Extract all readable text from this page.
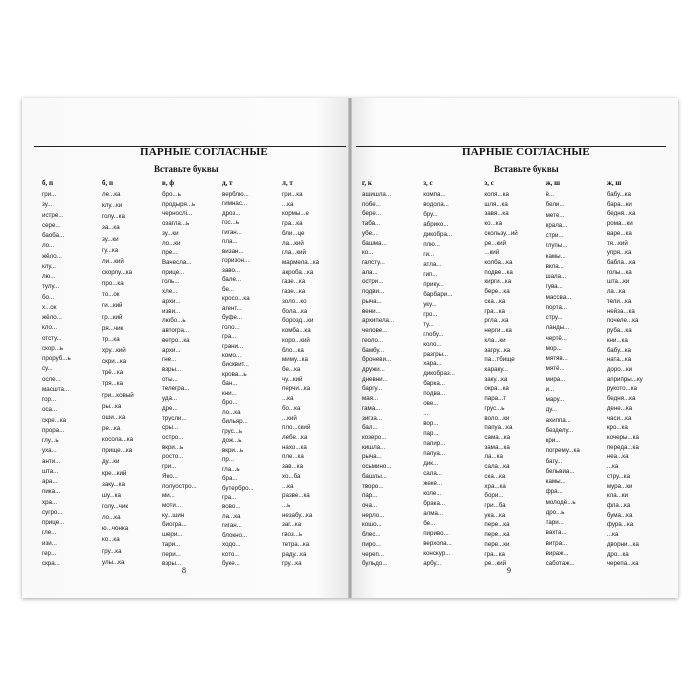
ПАРНЫЕ СОГЛАСНЫЕ
Вставьте буквы
б, п
гри...
зу...
истре...
сере...
баоба...
ло...
жёло...
клу...
лю...
тулу...
бо...
х...ок
жёло...
кло...
отсту...
скор...ь
проруб...ь
су...
осле...
масшта...
гор...
оса...
скре...ка
прора...
глу...ь
уха...
анти...
шта...
ара...
пика...
хра...
сугро...
прице...
гле...
изи...
гер...
скра...
б, п
ле...ка
клу...ки
голу...ка
за...ка
зу...ки
гу...ка
ли...кий
скорлу...ка
про...ка
то...ок
ги...кий
гр...кий
ря...чик
тр...ка
хру...кий
скри...ка
трё...ка
тря...ка
гри...ковый
ры...ка
оши...ка
ре...ка
косола...ка
прище...ка
ду...ки
кре...кий
заку...ка
шу...ка
голу...чик
ло...ка
ю...чонка
ко...ка
гру...ка
улы...ка
в, ф
бро...ь
продыря...ь
чернослі...
озагла...ь
зу...ки
ло...ки
пре...
Вачесла...
прице...
голь...
хле...
архи...
изви...
любо...ь
автогра...
ветро...ка
архи...
гне...
взры...
оты...
телегра...
уда...
дре...
трусли...
сры...
остро...
вкри...ь
росто...
гри...
Яко...
полуостро...
ми...
моти...
ку...шин
биогра...
шери...
тари...
пери...
взры...
д, т
верблю...
гимнас...
дроз...
гос...ь
гиган...
пла...
визан...
горизон...
заво...
бале...
бе...
кросо...ка
агент...
буфе...
голо...
гра...
грани...
комо...
бисквит...
крова...ь
бан...
кни...
бро...
ло...ка
бильяр...
грус...ь
дож...ь
вкри...ь
пр...
гла...ь
бра...
бутербро...
гра...
вово...
ла...ка
гиган...
блокно...
ходо...
кото...
буке...
л, т
гри...ка
...ка
кормы...е
гра...ка
бли...це
ла...кий
гла...кий
мармела...ка
акроба...ка
газе...ка
газе...ка
золо...ко
бола...ка
борозд...ки
комба...ка
коро...кий
бло...ка
миму...ка
бе...ка
чу...кий
перчи...ка
...ка
бо...ка
...кий
пло...ский
лебе...ка
нахо...ка
пле...ка
зав...ка
хо...ба
...ка
разве...ка
...ь
незабу...ка
заг...ка
гвоз...ь
тетра...ка
раду...ка
гру...ка
8
ПАРНЫЕ СОГЛАСНЫЕ
Вставьте буквы
г, к
ашишла...
побе...
бере...
таба...
убе...
башма...
ко...
галсту...
ала...
остри...
подви...
рыча...
вени...
архипела...
челове...
геоло...
бамбу...
броневи...
дружи...
дневни...
баргу...
мая...
гама...
зигза...
бал...
козеро...
кишла...
рыча...
осьмино...
башлы...
творо...
пар...
оча...
нерло...
кошо...
блес...
пиро...
череп...
бульдо...
з, с
компа...
водола...
бру...
абрико...
дикобра...
плю...
ги...
атла...
гип...
прику...
барбари...
уку...
гро...
ту...
глобу...
коло...
разгры...
хара...
дикобраз...
барка...
подва...
ове...
...
вор...
пар...
папир...
папуа...
дик...
сала...
жеке...
коле...
брака...
алма...
бе...
пириво...
верхола...
конскур...
арбу...
з, с
коля...ка
шля...ка
завя...ка
ко...ка
скользу...ий
ре...кий
...кий
колба...ка
подве...ка
кирги...ка
бере...ка
ска...ка
гра...ка
ргла...ка
нерги...ка
кла...ки
загру...ка
па...тбище
караку...
заку...ка
окра...ка
пара...т
грус...ь
воло...ки
папуа...ка
сама...ка
зама...ка
ла...ка
сала...ка
ска...ка
хра...ка
бори...
гри...ба
ука...ка
пере...ка
пере...ка
пере...ки
гра...ка
ре...кий
ж, ш
ё...
бели...
мете...
крала...
стри...
глупы...
камы...
вкла...
шала...
гува...
массва...
порта...
стру...
ланды...
чертё...
мор...
мятяв...
мятё...
мира...
и...
мару...
ду...
ахиппа...
безделу...
кри...
погрему...ка
багу...
бельвиа...
камы...
фра...
молодё...ь
дро...ь
тари...
вахта...
витра...
вираж...
саботаж...
ж, ш
бабу...ка
бара...ки
бедня...ка
рома...ки
варе...ка
тя...кий
упря...ка
бабла...ка
голы...ка
шта...ки
ла...ка
тели...ка
нейза...ка
почеле...ка
руба...ка
кни...ка
бабу...ка
ната...ка
доро...ки
априпры...ку
рукото...ка
бедня...ка
дене...ка
часи...ка
кро...ка
кочеры...ка
переда...ка
неа...ка
...ка
стру...ка
мура...ки
кла...ки
фла...ка
бума...ка
фура...ка
...ка
дворни...ка
дро...ка
черепа...ка
9
